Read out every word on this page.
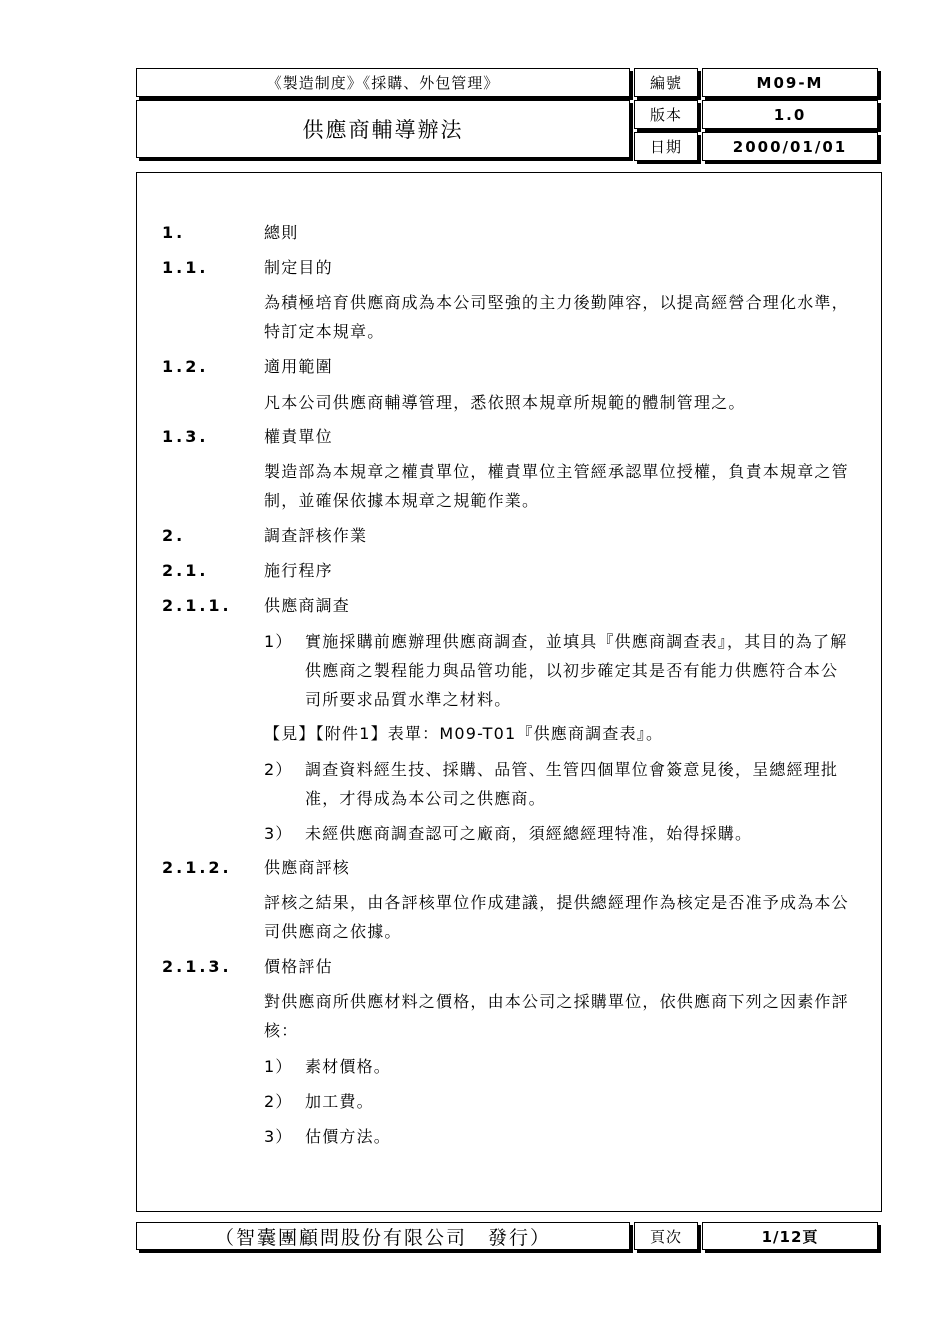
《製造制度》《採購、外包管理》	編號	M09-M
供應商輔導辦法
版本	1.0
日期	2000/01/01
1.	總則
1.1.	制定目的
為積極培育供應商成為本公司堅強的主力後勤陣容，以提高經營合理化水準，特訂定本規章。
1.2.	適用範圍
凡本公司供應商輔導管理，悉依照本規章所規範的體制管理之。
1.3.	權責單位
製造部為本規章之權責單位，權責單位主管經承認單位授權，負責本規章之管制，並確保依據本規章之規範作業。
2.	調查評核作業
2.1.	施行程序
2.1.1. 供應商調查
1） 實施採購前應辦理供應商調查，並填具『供應商調查表』，其目的為了解供應商之製程能力與品管功能，以初步確定其是否有能力供應符合本公司所要求品質水準之材料。
【見】【附件1】表單：M09-T01『供應商調查表』。
2） 調查資料經生技、採購、品管、生管四個單位會簽意見後，呈總經理批准，才得成為本公司之供應商。
3） 未經供應商調查認可之廠商，須經總經理特准，始得採購。
2.1.2. 供應商評核
評核之結果，由各評核單位作成建議，提供總經理作為核定是否准予成為本公司供應商之依據。
2.1.3. 價格評估
對供應商所供應材料之價格，由本公司之採購單位，依供應商下列之因素作評核：
1） 素材價格。
2） 加工費。
3） 估價方法。
（智囊團顧問股份有限公司　發行）	頁次	1/12頁
